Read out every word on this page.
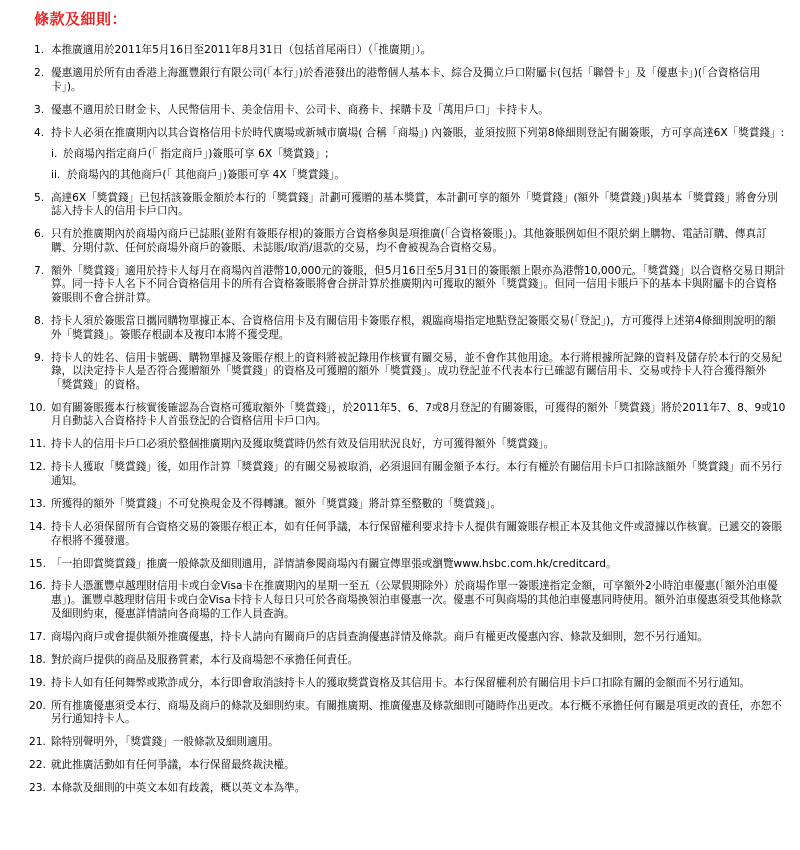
條款及細則：
1. 本推廣適用於2011年5月16日至2011年8月31日（包括首尾兩日）（「推廣期」）。
2. 優惠適用於所有由香港上海滙豐銀行有限公司(「本行」)於香港發出的港幣個人基本卡、綜合及獨立戶口附屬卡(包括「聯營卡」及「優惠卡」)(「合資格信用卡」)。
3. 優惠不適用於日財金卡、人民幣信用卡、美金信用卡、公司卡、商務卡、採購卡及「萬用戶口」卡持卡人。
4. 持卡人必須在推廣期內以其合資格信用卡於時代廣場或新城市廣場( 合稱「商場」) 內簽賬，並須按照下列第8條細則登記有關簽賬，方可享高達6X「獎賞錢」:
i. 於商場內指定商戶(「 指定商戶」)簽賬可享 6X「獎賞錢」;
ii. 於商場內的其他商戶(「 其他商戶」)簽賬可享 4X「獎賞錢」。
5. 高達6X「獎賞錢」已包括該簽賬金額於本行的「獎賞錢」計劃可獲贈的基本獎賞，本計劃可享的額外「獎賞錢」(額外「獎賞錢」)與基本「獎賞錢」將會分別誌入持卡人的信用卡戶口內。
6. 只有於推廣期內於商場內商戶已誌賬(並附有簽賬存根)的簽賬方合資格參與是項推廣(「合資格簽賬」)。其他簽賬例如但不限於網上購物、電話訂購、傳真訂購、分期付款、任何於商場外商戶的簽賬、未誌賬/取消/退款的交易，均不會被視為合資格交易。
7. 額外「獎賞錢」適用於持卡人每月在商場內首港幣10,000元的簽賬，但5月16日至5月31日的簽賬額上限亦為港幣10,000元。「獎賞錢」以合資格交易日期計算。同一持卡人名下不同合資格信用卡的所有合資格簽賬將會合拼計算於推廣期內可獲取的額外「獎賞錢」。但同一信用卡賬戶下的基本卡與附屬卡的合資格簽賬則不會合拼計算。
8. 持卡人須於簽賬當日攜同購物單據正本、合資格信用卡及有關信用卡簽賬存根，親臨商場指定地點登記簽賬交易(「登記」)，方可獲得上述第4條細則說明的額外「獎賞錢」。簽賬存根副本及複印本將不獲受理。
9. 持卡人的姓名、信用卡號碼、購物單據及簽賬存根上的資料將被記錄用作核實有關交易，並不會作其他用途。本行將根據所記錄的資料及儲存於本行的交易紀錄，以決定持卡人是否符合獲贈額外「獎賞錢」的資格及可獲贈的額外「獎賞錢」。成功登記並不代表本行已確認有關信用卡、交易或持卡人符合獲得額外「獎賞錢」的資格。
10. 如有關簽賬獲本行核實後確認為合資格可獲取額外「獎賞錢」，於2011年5、6、7或8月登記的有關簽賬，可獲得的額外「獎賞錢」將於2011年7、8、9或10月自動誌入合資格持卡人首張登記的合資格信用卡戶口內。
11. 持卡人的信用卡戶口必須於整個推廣期內及獲取獎賞時仍然有效及信用狀況良好，方可獲得額外「獎賞錢」。
12. 持卡人獲取「獎賞錢」後，如用作計算「獎賞錢」的有關交易被取消，必須退回有關金額予本行。本行有權於有關信用卡戶口扣除該額外「獎賞錢」而不另行通知。
13. 所獲得的額外「獎賞錢」不可兌換現金及不得轉讓。額外「獎賞錢」將計算至整數的「獎賞錢」。
14. 持卡人必須保留所有合資格交易的簽賬存根正本，如有任何爭議，本行保留權利要求持卡人提供有關簽賬存根正本及其他文件或證據以作核實。已遞交的簽賬存根將不獲發還。
15. 「一拍即賞獎賞錢」推廣一般條款及細則適用，詳情請參閱商場內有關宣傳單張或瀏覽www.hsbc.com.hk/creditcard。
16. 持卡人憑滙豐卓越理財信用卡或白金Visa卡在推廣期內的星期一至五（公眾假期除外）於商場作單一簽賬達指定金額，可享額外2小時泊車優惠(「額外泊車優惠」)。滙豐卓越理財信用卡或白金Visa卡持卡人每日只可於各商場換領泊車優惠一次。優惠不可與商場的其他泊車優惠同時使用。額外泊車優惠須受其他條款及細則約束，優惠詳情請向各商場的工作人員查詢。
17. 商場內商戶或會提供額外推廣優惠，持卡人請向有關商戶的店員查詢優惠詳情及條款。商戶有權更改優惠內容、條款及細則，恕不另行通知。
18. 對於商戶提供的商品及服務質素，本行及商場恕不承擔任何責任。
19. 持卡人如有任何舞弊或欺詐成分，本行即會取消該持卡人的獲取獎賞資格及其信用卡。本行保留權利於有關信用卡戶口扣除有關的金額而不另行通知。
20. 所有推廣優惠須受本行、商場及商戶的條款及細則約束。有關推廣期、推廣優惠及條款細則可隨時作出更改。本行概不承擔任何有關是項更改的責任，亦恕不另行通知持卡人。
21. 除特別聲明外，「獎賞錢」一般條款及細則適用。
22. 就此推廣活動如有任何爭議，本行保留最終裁決權。
23. 本條款及細則的中英文本如有歧義，概以英文本為準。
